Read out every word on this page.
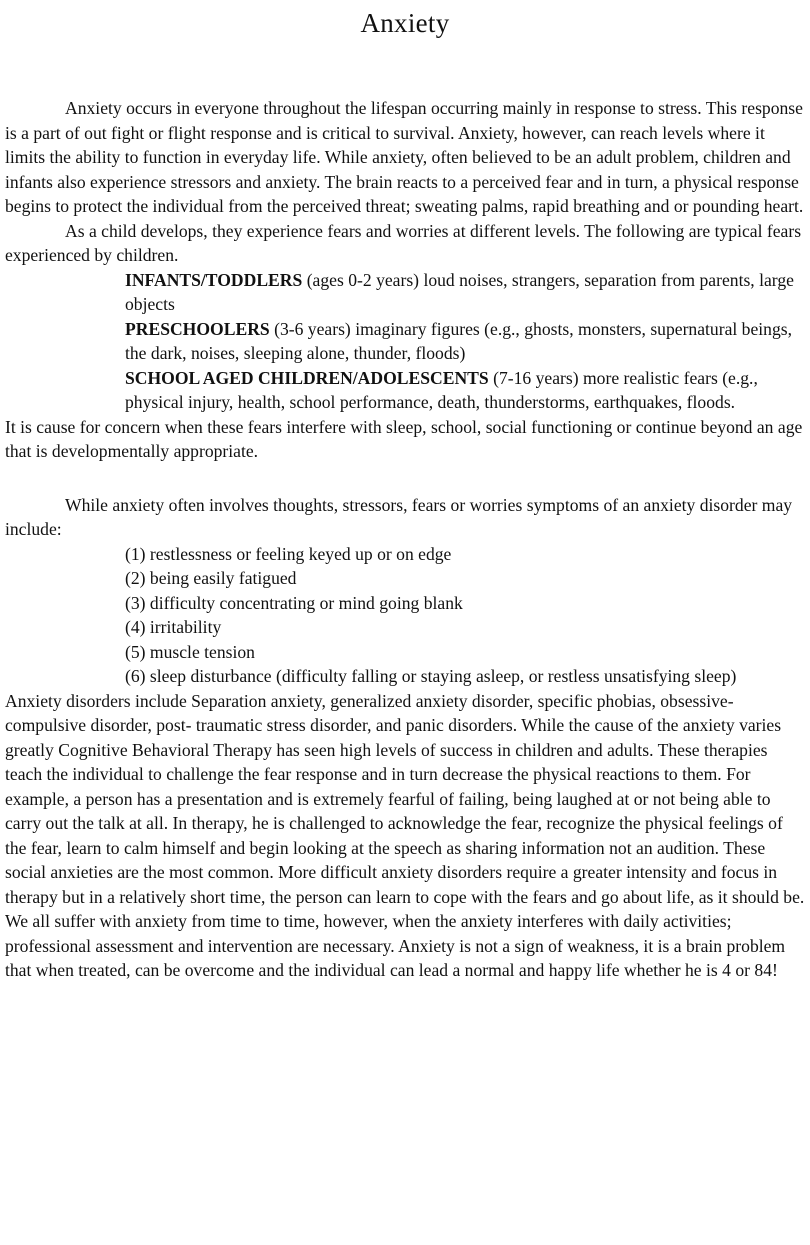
Anxiety

Anxiety occurs in everyone throughout the lifespan occurring mainly in response to stress. This response is a part of out fight or flight response and is critical to survival. Anxiety, however, can reach levels where it limits the ability to function in everyday life. While anxiety, often believed to be an adult problem, children and infants also experience stressors and anxiety. The brain reacts to a perceived fear and in turn, a physical response begins to protect the individual from the perceived threat; sweating palms, rapid breathing and or pounding heart.

As a child develops, they experience fears and worries at different levels. The following are typical fears experienced by children.

INFANTS/TODDLERS (ages 0-2 years) loud noises, strangers, separation from parents, large objects
PRESCHOOLERS (3-6 years) imaginary figures (e.g., ghosts, monsters, supernatural beings, the dark, noises, sleeping alone, thunder, floods)
SCHOOL AGED CHILDREN/ADOLESCENTS (7-16 years) more realistic fears (e.g., physical injury, health, school performance, death, thunderstorms, earthquakes, floods.

It is cause for concern when these fears interfere with sleep, school, social functioning or continue beyond an age that is developmentally appropriate.

While anxiety often involves thoughts, stressors, fears or worries symptoms of an anxiety disorder may include:

(1) restlessness or feeling keyed up or on edge
(2) being easily fatigued
(3) difficulty concentrating or mind going blank
(4) irritability
(5) muscle tension
(6) sleep disturbance (difficulty falling or staying asleep, or restless unsatisfying sleep)

Anxiety disorders include Separation anxiety, generalized anxiety disorder, specific phobias, obsessive- compulsive disorder, post- traumatic stress disorder, and panic disorders. While the cause of the anxiety varies greatly Cognitive Behavioral Therapy has seen high levels of success in children and adults. These therapies teach the individual to challenge the fear response and in turn decrease the physical reactions to them. For example, a person has a presentation and is extremely fearful of failing, being laughed at or not being able to carry out the talk at all. In therapy, he is challenged to acknowledge the fear, recognize the physical feelings of the fear, learn to calm himself and begin looking at the speech as sharing information not an audition. These social anxieties are the most common. More difficult anxiety disorders require a greater intensity and focus in therapy but in a relatively short time, the person can learn to cope with the fears and go about life, as it should be. We all suffer with anxiety from time to time, however, when the anxiety interferes with daily activities; professional assessment and intervention are necessary. Anxiety is not a sign of weakness, it is a brain problem that when treated, can be overcome and the individual can lead a normal and happy life whether he is 4 or 84!
